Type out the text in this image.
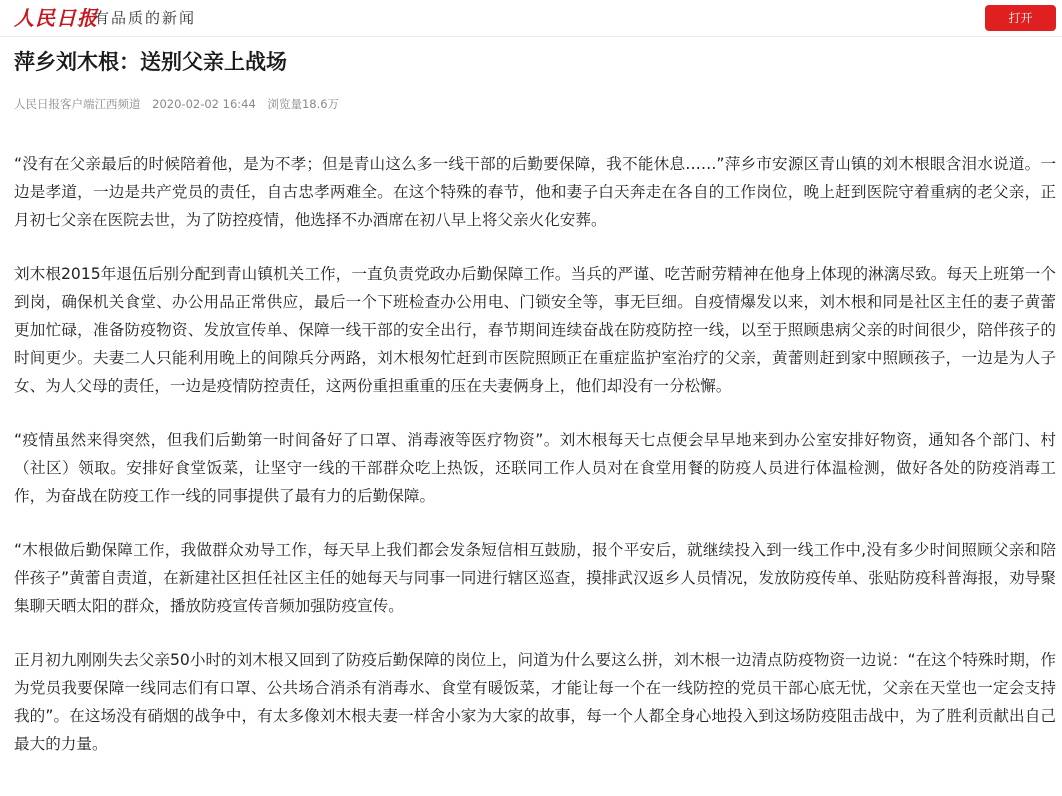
人民日报
有品质的新闻	打开
萍乡刘木根：送别父亲上战场
人民日报客户端江西频道 2020-02-02 16:44 浏览量18.6万

“没有在父亲最后的时候陪着他，是为不孝；但是青山这么多一线干部的后勤要保障，我不能休息……”萍乡市安源区青山镇的刘木根眼含泪水说道。一边是孝道，一边是共产党员的责任，自古忠孝两难全。在这个特殊的春节，他和妻子白天奔走在各自的工作岗位，晚上赶到医院守着重病的老父亲，正月初七父亲在医院去世，为了防控疫情，他选择不办酒席在初八早上将父亲火化安葬。

刘木根2015年退伍后别分配到青山镇机关工作，一直负责党政办后勤保障工作。当兵的严谨、吃苦耐劳精神在他身上体现的淋漓尽致。每天上班第一个到岗，确保机关食堂、办公用品正常供应，最后一个下班检查办公用电、门锁安全等，事无巨细。自疫情爆发以来，刘木根和同是社区主任的妻子黄蕾更加忙碌，准备防疫物资、发放宣传单、保障一线干部的安全出行，春节期间连续奋战在防疫防控一线，以至于照顾患病父亲的时间很少，陪伴孩子的时间更少。夫妻二人只能利用晚上的间隙兵分两路，刘木根匆忙赶到市医院照顾正在重症监护室治疗的父亲，黄蕾则赶到家中照顾孩子，一边是为人子女、为人父母的责任，一边是疫情防控责任，这两份重担重重的压在夫妻俩身上，他们却没有一分松懈。

“疫情虽然来得突然，但我们后勤第一时间备好了口罩、消毒液等医疗物资”。刘木根每天七点便会早早地来到办公室安排好物资，通知各个部门、村（社区）领取。安排好食堂饭菜，让坚守一线的干部群众吃上热饭，还联同工作人员对在食堂用餐的防疫人员进行体温检测，做好各处的防疫消毒工作，为奋战在防疫工作一线的同事提供了最有力的后勤保障。

“木根做后勤保障工作，我做群众劝导工作，每天早上我们都会发条短信相互鼓励，报个平安后，就继续投入到一线工作中,没有多少时间照顾父亲和陪伴孩子”黄蕾自责道，在新建社区担任社区主任的她每天与同事一同进行辖区巡查，摸排武汉返乡人员情况，发放防疫传单、张贴防疫科普海报，劝导聚集聊天晒太阳的群众，播放防疫宣传音频加强防疫宣传。

正月初九刚刚失去父亲50小时的刘木根又回到了防疫后勤保障的岗位上，问道为什么要这么拼，刘木根一边清点防疫物资一边说：“在这个特殊时期，作为党员我要保障一线同志们有口罩、公共场合消杀有消毒水、食堂有暖饭菜，才能让每一个在一线防控的党员干部心底无忧，父亲在天堂也一定会支持我的”。在这场没有硝烟的战争中，有太多像刘木根夫妻一样舍小家为大家的故事，每一个人都全身心地投入到这场防疫阻击战中，为了胜利贡献出自己最大的力量。
